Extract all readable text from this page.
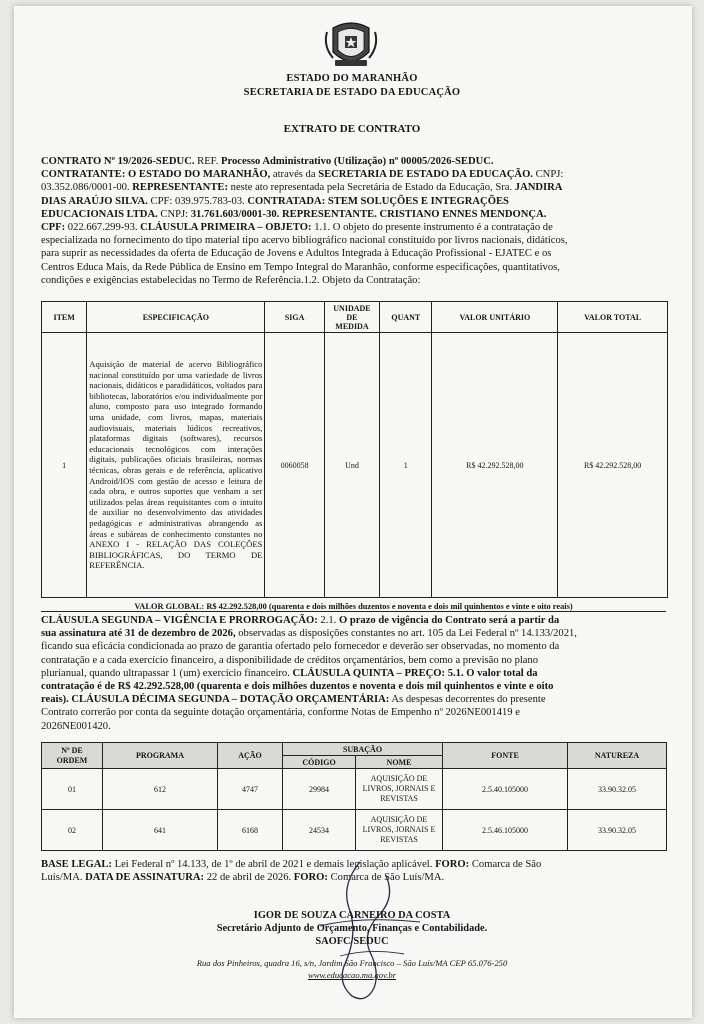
ESTADO DO MARANHÃO
SECRETARIA DE ESTADO DA EDUCAÇÃO
EXTRATO DE CONTRATO
CONTRATO Nº 19/2026-SEDUC. REF. Processo Administrativo (Utilização) nº 00005/2026-SEDUC.
CONTRATANTE: O ESTADO DO MARANHÃO, através da SECRETARIA DE ESTADO DA EDUCAÇÃO. CNPJ:
03.352.086/0001-00. REPRESENTANTE: neste ato representada pela Secretária de Estado da Educação, Sra. JANDIRA
DIAS ARAÚJO SILVA. CPF: 039.975.783-03. CONTRATADA: STEM SOLUÇÕES E INTEGRAÇÕES
EDUCACIONAIS LTDA. CNPJ: 31.761.603/0001-30. REPRESENTANTE. CRISTIANO ENNES MENDONÇA.
CPF: 022.667.299-93. CLÁUSULA PRIMEIRA – OBJETO: 1.1. O objeto do presente instrumento é a contratação de
especializada no fornecimento do tipo material tipo acervo bibliográfico nacional constituído por livros nacionais, didáticos,
para suprir as necessidades da oferta de Educação de Jovens e Adultos Integrada à Educação Profissional - EJATEC e os
Centros Educa Mais, da Rede Pública de Ensino em Tempo Integral do Maranhão, conforme especificações, quantitativos,
condições e exigências estabelecidas no Termo de Referência.1.2. Objeto da Contratação:
ITEM	ESPECIFICAÇÃO	SIGA	UNIDADE
DE
MEDIDA	QUANT	VALOR UNITÁRIO	VALOR TOTAL
1	Aquisição de material de acervo Bibliográfico nacional constituído por uma variedade de livros nacionais, didáticos e paradidáticos, voltados para bibliotecas, laboratórios e/ou individualmente por aluno, composto para uso integrado formando uma unidade, com livros, mapas, materiais audiovisuais, materiais lúdicos recreativos, plataformas digitais (softwares), recursos educacionais tecnológicos com interações digitais, publicações oficiais brasileiras, normas técnicas, obras gerais e de referência, aplicativo Android/IOS com gestão de acesso e leitura de cada obra, e outros suportes que venham a ser utilizados pelas áreas requisitantes com o intuito de auxiliar no desenvolvimento das atividades pedagógicas e administrativas abrangendo as áreas e subáreas de conhecimento constantes no ANEXO I - RELAÇÃO DAS COLEÇÕES BIBLIOGRÁFICAS, DO TERMO DE REFERÊNCIA.	0060058	Und	1	R$ 42.292.528,00	R$ 42.292.528,00
VALOR GLOBAL: R$ 42.292.528,00 (quarenta e dois milhões duzentos e noventa e dois mil quinhentos e vinte e oito reais)
CLÁUSULA SEGUNDA – VIGÊNCIA E PRORROGAÇÃO: 2.1. O prazo de vigência do Contrato será a partir da
sua assinatura até 31 de dezembro de 2026, observadas as disposições constantes no art. 105 da Lei Federal nº 14.133/2021,
ficando sua eficácia condicionada ao prazo de garantia ofertado pelo fornecedor e deverão ser observadas, no momento da
contratação e a cada exercício financeiro, a disponibilidade de créditos orçamentários, bem como a previsão no plano
plurianual, quando ultrapassar 1 (um) exercício financeiro. CLÁUSULA QUINTA – PREÇO: 5.1. O valor total da
contratação é de R$ 42.292.528,00 (quarenta e dois milhões duzentos e noventa e dois mil quinhentos e vinte e oito
reais). CLÁUSULA DÉCIMA SEGUNDA – DOTAÇÃO ORÇAMENTÁRIA: As despesas decorrentes do presente
Contrato correrão por conta da seguinte dotação orçamentária, conforme Notas de Empenho nº 2026NE001419 e
2026NE001420.
Nº DE
ORDEM	PROGRAMA	AÇÃO	SUBAÇÃO		FONTE	NATUREZA
			CÓDIGO	NOME		
01	612	4747	29984	AQUISIÇÃO DE LIVROS, JORNAIS E REVISTAS	2.5.40.105000	33.90.32.05
02	641	6168	24534	AQUISIÇÃO DE LIVROS, JORNAIS E REVISTAS	2.5.46.105000	33.90.32.05
BASE LEGAL: Lei Federal nº 14.133, de 1º de abril de 2021 e demais legislação aplicável. FORO: Comarca de São
Luís/MA. DATA DE ASSINATURA: 22 de abril de 2026. FORO: Comarca de São Luís/MA.
IGOR DE SOUZA CARNEIRO DA COSTA
Secretário Adjunto de Orçamento, Finanças e Contabilidade.
SAOFC/SEDUC
Rua dos Pinheiros, quadra 16, s/n, Jardim São Francisco – São Luís/MA CEP 65.076-250
www.educacao.ma.gov.br
